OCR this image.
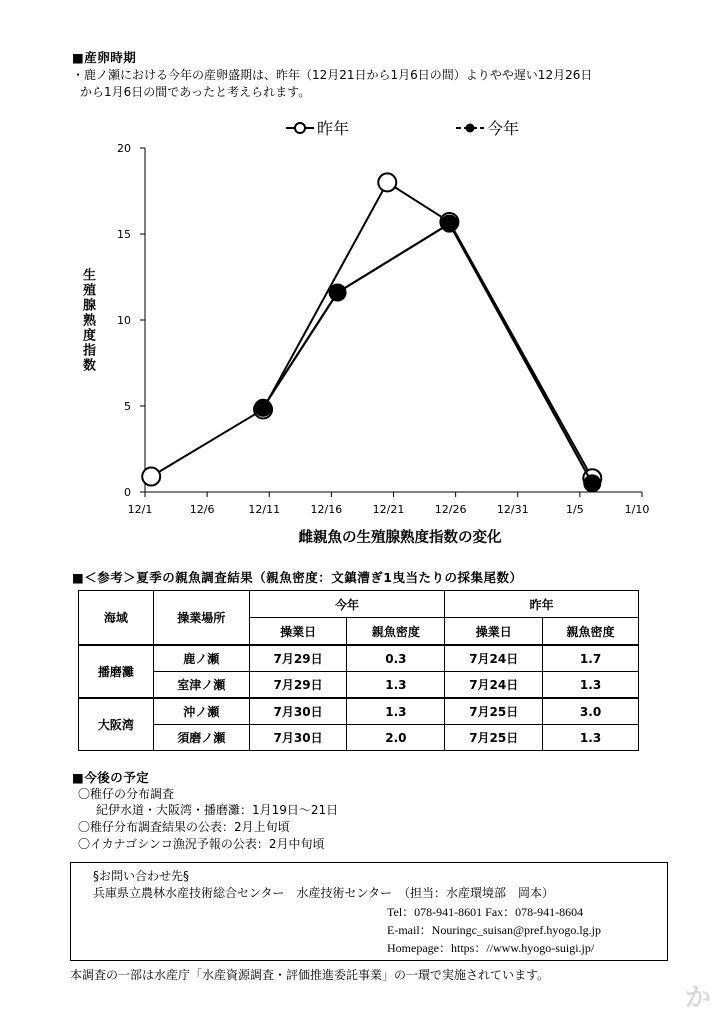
■産卵時期
・鹿ノ瀬における今年の産卵盛期は、昨年（12月21日から1月6日の間）よりやや遅い12月26日
から1月6日の間であったと考えられます。
昨年	今年
0
5
10
15
20
12/1	12/6	12/11	12/16	12/21	12/26	12/31	1/5	1/10
雌親魚の生殖腺熟度指数の変化
生殖腺熟度指数
■＜参考＞夏季の親魚調査結果（親魚密度：文鎮漕ぎ1曳当たりの採集尾数）
海域	操業場所	今年		昨年	
		操業日	親魚密度	操業日	親魚密度
播磨灘	鹿ノ瀬	7月29日	0.3	7月24日	1.7
	室津ノ瀬	7月29日	1.3	7月24日	1.3
大阪湾	沖ノ瀬	7月30日	1.3	7月25日	3.0
	須磨ノ瀬	7月30日	2.0	7月25日	1.3
■今後の予定
〇稚仔の分布調査
紀伊水道・大阪湾・播磨灘：1月19日～21日
〇稚仔分布調査結果の公表：2月上旬頃
〇イカナゴシンコ漁況予報の公表：2月中旬頃
§お問い合わせ先§
兵庫県立農林水産技術総合センター　水産技術センター　（担当：水産環境部　岡本）
Tel：078-941-8601 Fax：078-941-8604
E-mail：Nouringc_suisan@pref.hyogo.lg.jp
Homepage：https：//www.hyogo-suigi.jp/
本調査の一部は水産庁「水産資源調査・評価推進委託事業」の一環で実施されています。
か
